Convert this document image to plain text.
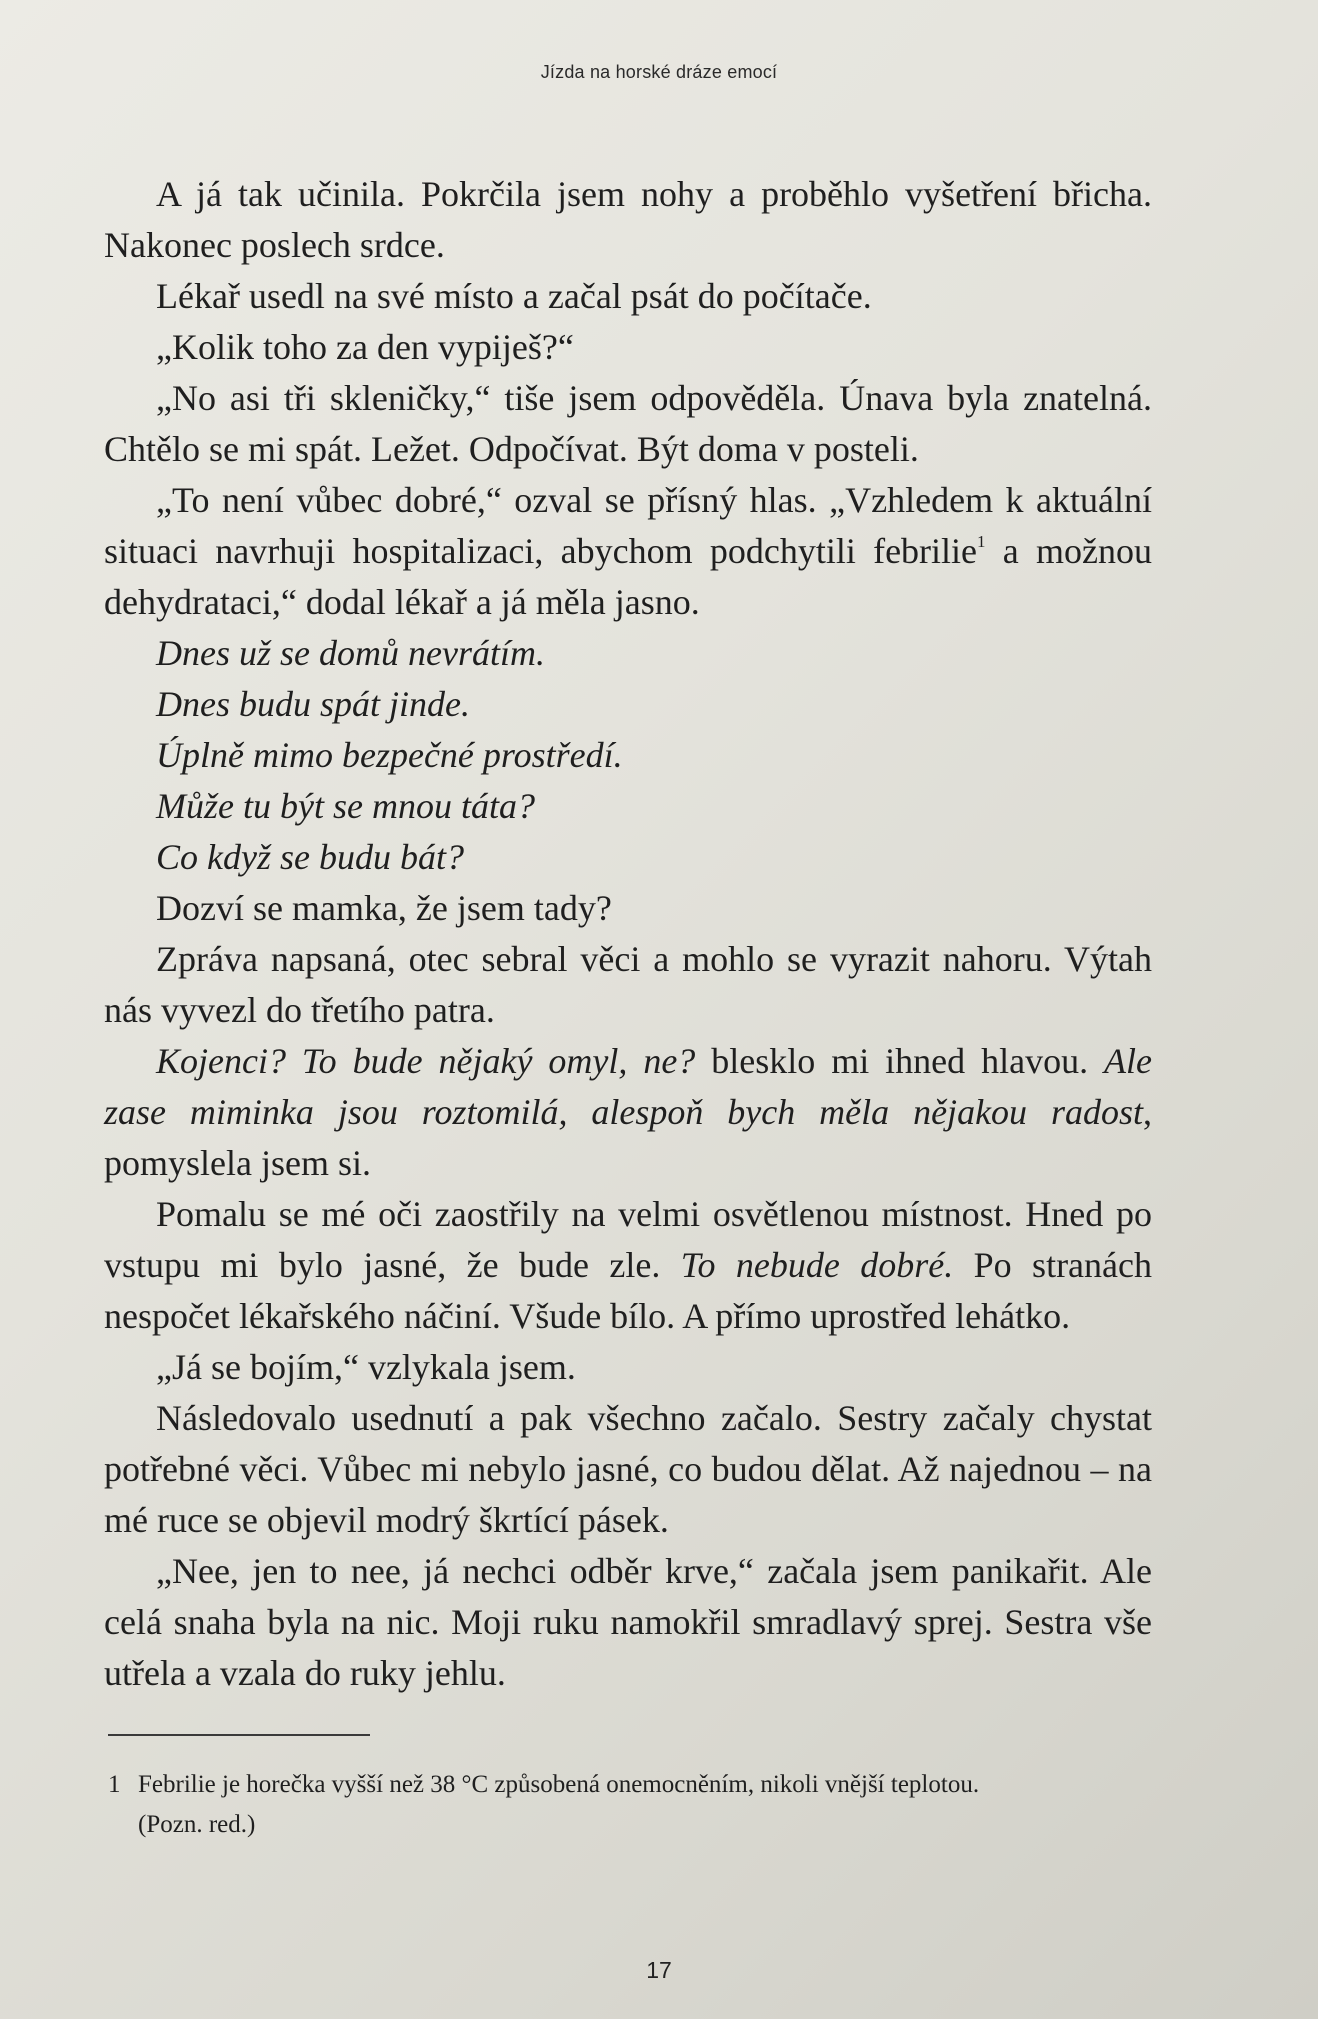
Jízda na horské dráze emocí

A já tak učinila. Pokrčila jsem nohy a proběhlo vyšetření břicha. Nakonec poslech srdce.

Lékař usedl na své místo a začal psát do počítače.

„Kolik toho za den vypiješ?“

„No asi tři skleničky,“ tiše jsem odpověděla. Únava byla znatelná. Chtělo se mi spát. Ležet. Odpočívat. Být doma v posteli.

„To není vůbec dobré,“ ozval se přísný hlas. „Vzhledem k aktuální situaci navrhuji hospitalizaci, abychom podchytili febrilie$^1$ a možnou dehydrataci,“ dodal lékař a já měla jasno.

Dnes už se domů nevrátím.

Dnes budu spát jinde.

Úplně mimo bezpečné prostředí.

Může tu být se mnou táta?

Co když se budu bát?

Dozví se mamka, že jsem tady?

Zpráva napsaná, otec sebral věci a mohlo se vyrazit nahoru. Výtah nás vyvezl do třetího patra.

Kojenci? To bude nějaký omyl, ne? blesklo mi ihned hlavou. Ale zase miminka jsou roztomilá, alespoň bych měla nějakou radost, pomyslela jsem si.

Pomalu se mé oči zaostřily na velmi osvětlenou místnost. Hned po vstupu mi bylo jasné, že bude zle. To nebude dobré. Po stranách nespočet lékařského náčiní. Všude bílo. A přímo uprostřed lehátko.

„Já se bojím,“ vzlykala jsem.

Následovalo usednutí a pak všechno začalo. Sestry začaly chystat potřebné věci. Vůbec mi nebylo jasné, co budou dělat. Až najednou – na mé ruce se objevil modrý škrtící pásek.

„Nee, jen to nee, já nechci odběr krve,“ začala jsem panikařit. Ale celá snaha byla na nic. Moji ruku namokřil smradlavý sprej. Sestra vše utřela a vzala do ruky jehlu.

1 Febrilie je horečka vyšší než 38 °C způsobená onemocněním, nikoli vnější teplotou.
(Pozn. red.)
17
